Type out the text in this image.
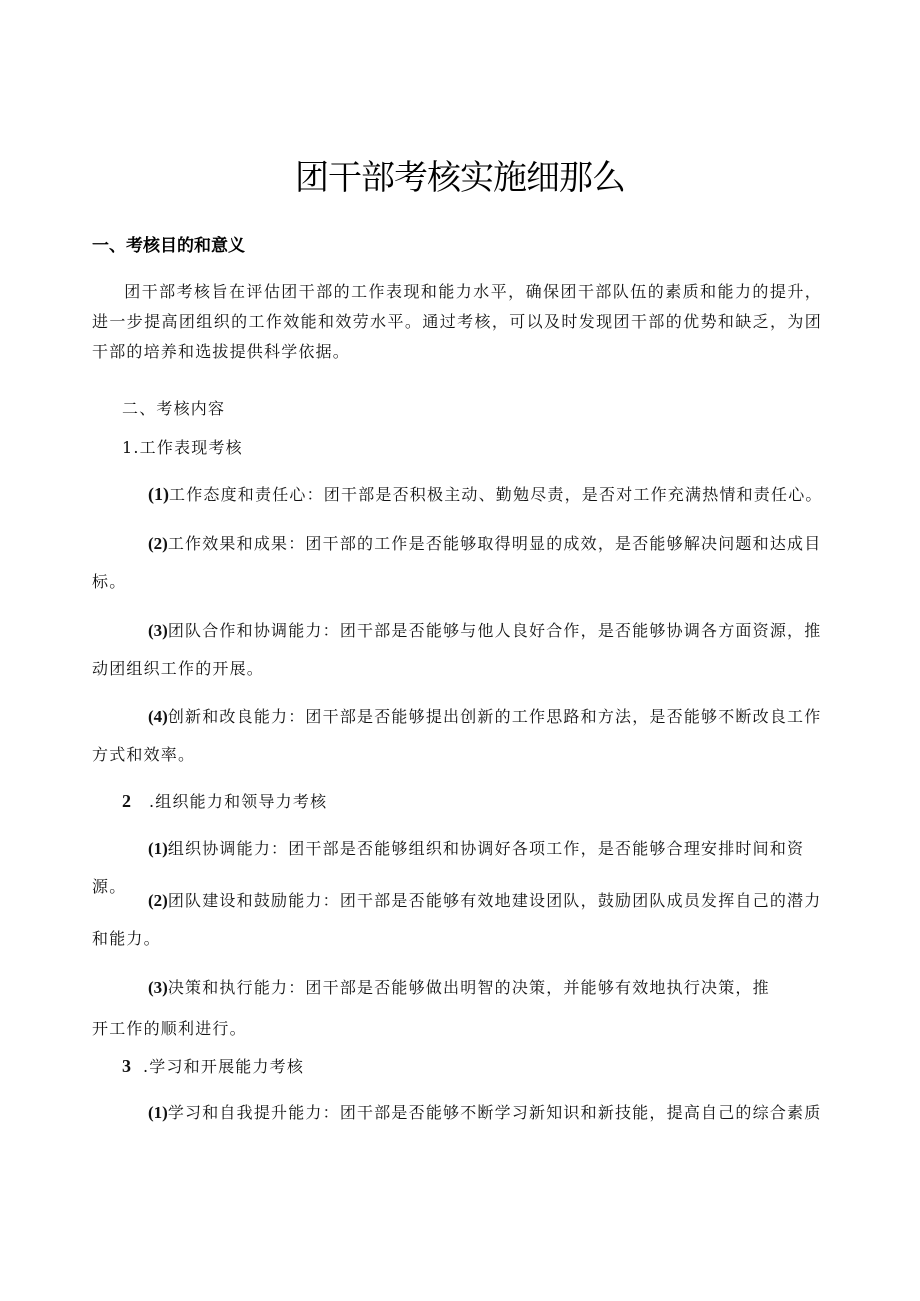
团干部考核实施细那么
一、考核目的和意义
团干部考核旨在评估团干部的工作表现和能力水平，确保团干部队伍的素质和能力的提升，进一步提高团组织的工作效能和效劳水平。通过考核，可以及时发现团干部的优势和缺乏，为团干部的培养和选拔提供科学依据。
二、考核内容
1.工作表现考核
(1)工作态度和责任心：团干部是否积极主动、勤勉尽责，是否对工作充满热情和责任心。
(2)工作效果和成果：团干部的工作是否能够取得明显的成效，是否能够解决问题和达成目标。
(3)团队合作和协调能力：团干部是否能够与他人良好合作，是否能够协调各方面资源，推动团组织工作的开展。
(4)创新和改良能力：团干部是否能够提出创新的工作思路和方法，是否能够不断改良工作方式和效率。
2 .组织能力和领导力考核
(1)组织协调能力：团干部是否能够组织和协调好各项工作，是否能够合理安排时间和资源。
(2)团队建设和鼓励能力：团干部是否能够有效地建设团队，鼓励团队成员发挥自己的潜力和能力。
(3)决策和执行能力：团干部是否能够做出明智的决策，并能够有效地执行决策，推
开工作的顺利进行。
3 .学习和开展能力考核
(1)学习和自我提升能力：团干部是否能够不断学习新知识和新技能，提高自己的综合素质
